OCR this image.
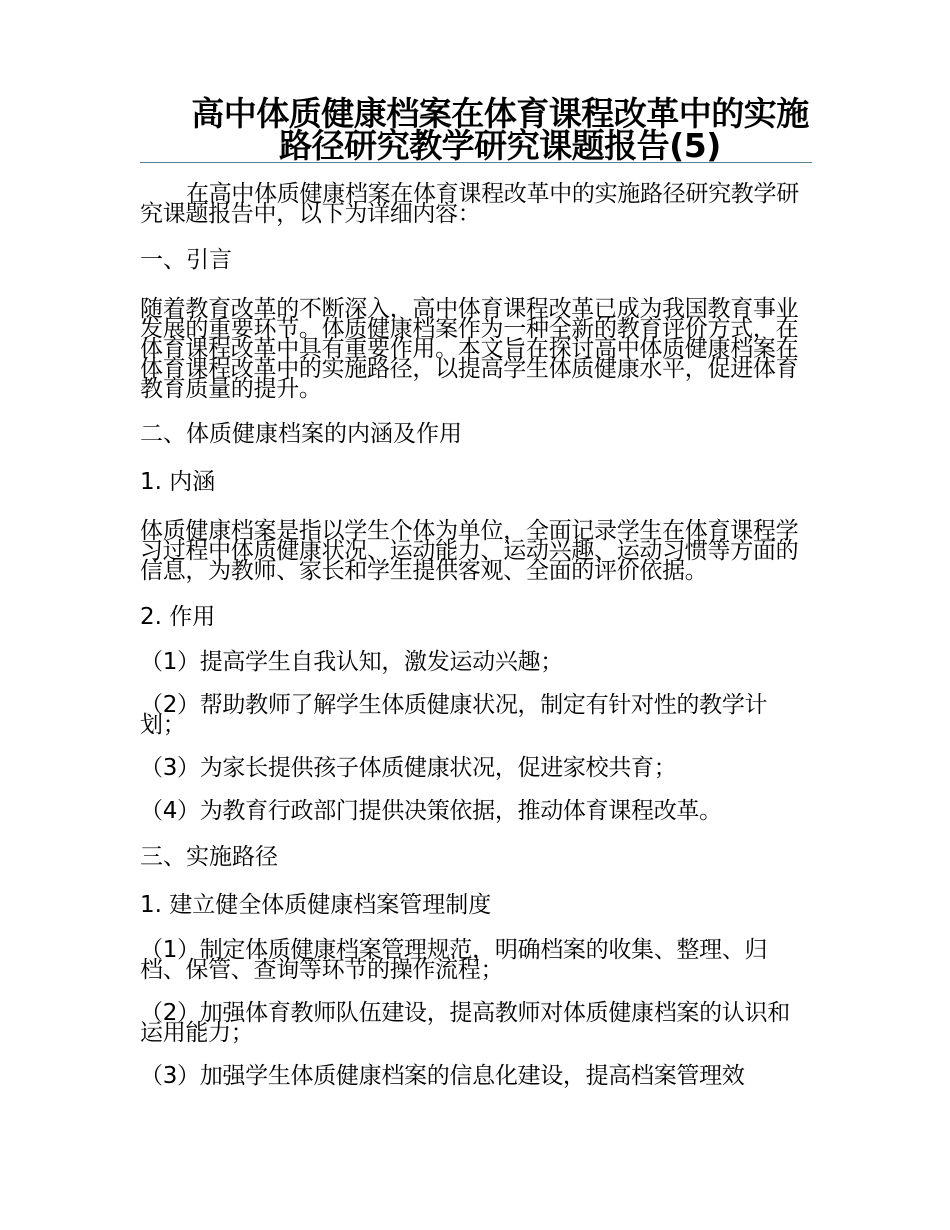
高中体质健康档案在体育课程改革中的实施路径研究教学研究课题报告(5)

在高中体质健康档案在体育课程改革中的实施路径研究教学研究课题报告中，以下为详细内容：

一、引言

随着教育改革的不断深入，高中体育课程改革已成为我国教育事业发展的重要环节。体质健康档案作为一种全新的教育评价方式，在体育课程改革中具有重要作用。本文旨在探讨高中体质健康档案在体育课程改革中的实施路径，以提高学生体质健康水平，促进体育教育质量的提升。

二、体质健康档案的内涵及作用

1. 内涵

体质健康档案是指以学生个体为单位，全面记录学生在体育课程学习过程中体质健康状况、运动能力、运动兴趣、运动习惯等方面的信息，为教师、家长和学生提供客观、全面的评价依据。

2. 作用

（1）提高学生自我认知，激发运动兴趣；

（2）帮助教师了解学生体质健康状况，制定有针对性的教学计划；

（3）为家长提供孩子体质健康状况，促进家校共育；

（4）为教育行政部门提供决策依据，推动体育课程改革。

三、实施路径

1. 建立健全体质健康档案管理制度

（1）制定体质健康档案管理规范，明确档案的收集、整理、归档、保管、查询等环节的操作流程；

（2）加强体育教师队伍建设，提高教师对体质健康档案的认识和运用能力；

（3）加强学生体质健康档案的信息化建设，提高档案管理效
